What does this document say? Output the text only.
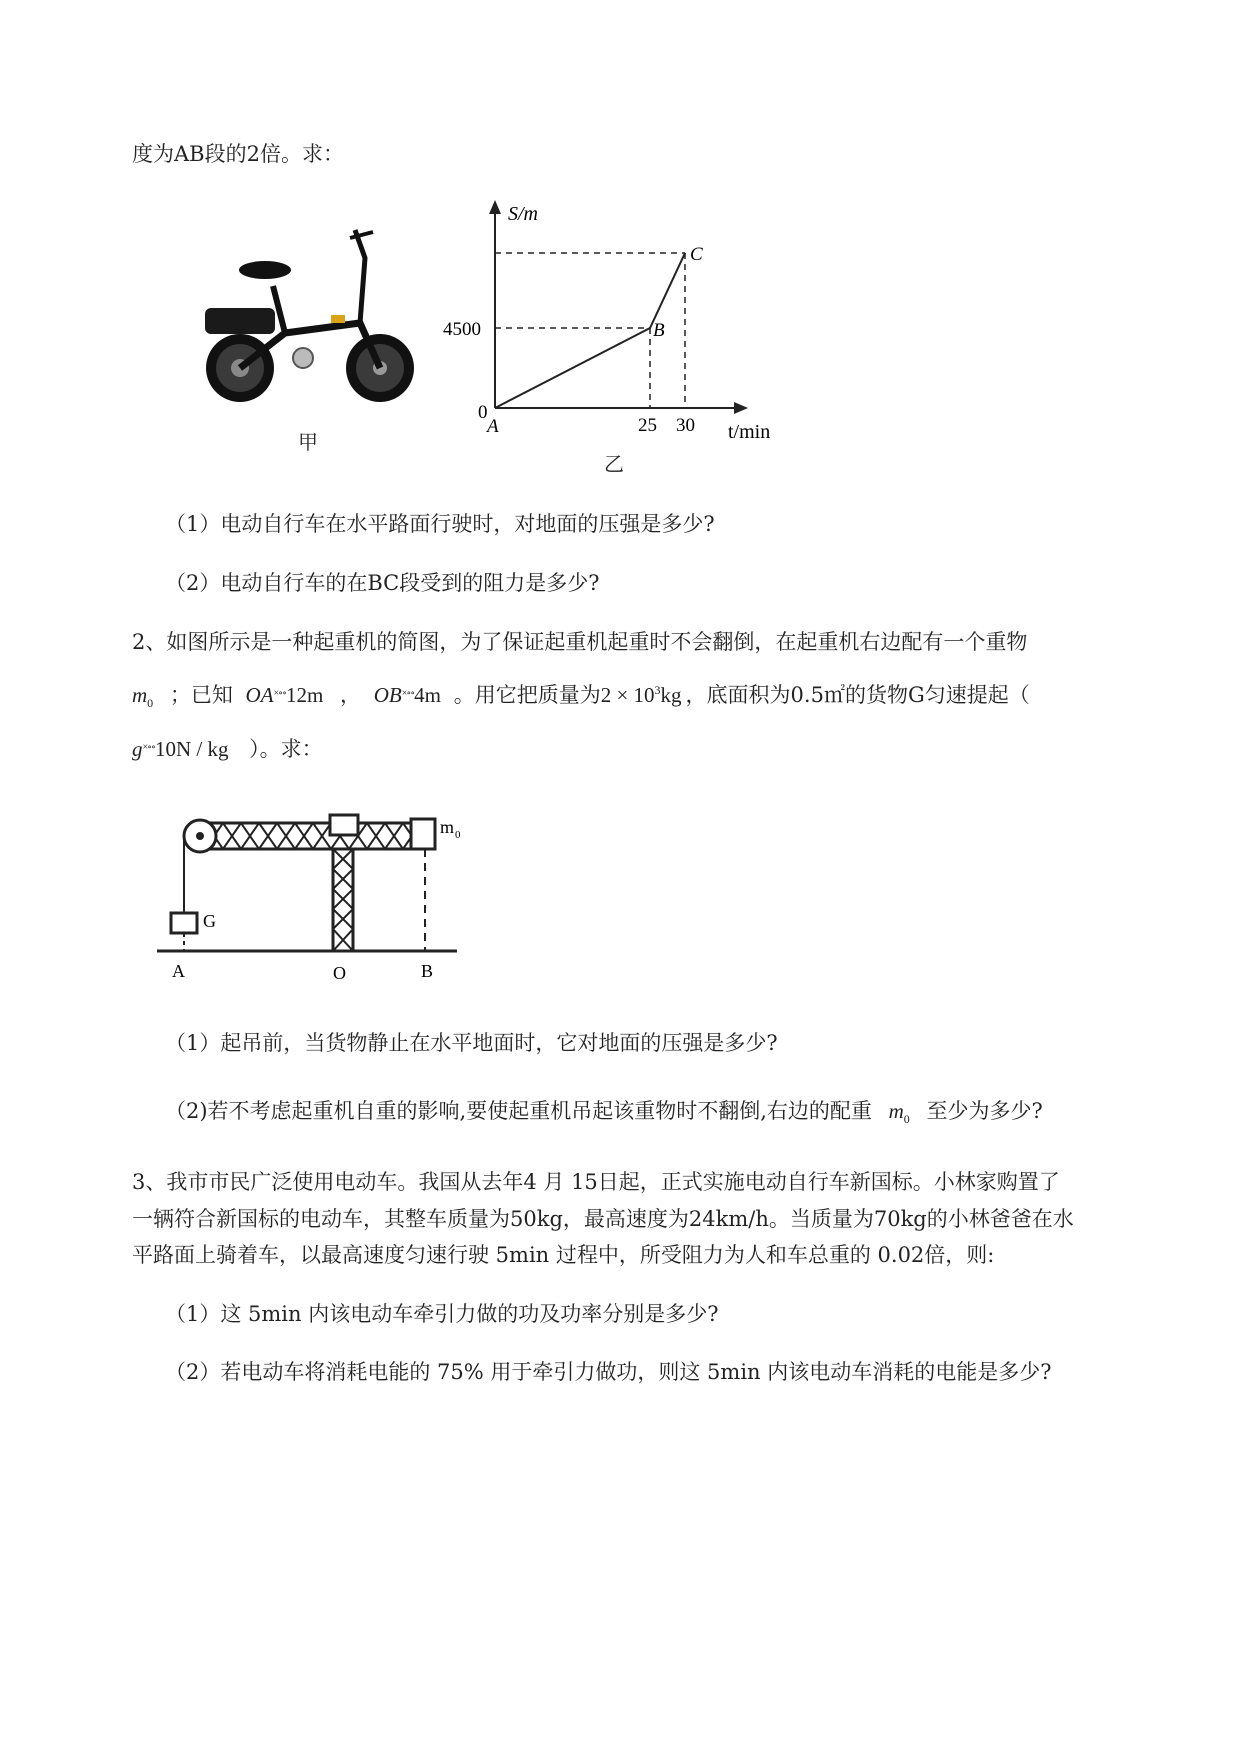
度为AB段的2倍。求：
甲
S/m
t/min
0
4500
25 30
A
B
C
乙
（1）电动自行车在水平路面行驶时，对地面的压强是多少?
（2）电动自行车的在BC段受到的阻力是多少?
2、如图所示是一种起重机的简图，为了保证起重机起重时不会翻倒，在起重机右边配有一个重物
$m_0$ ；已知 OA×∘∘12m ， OB×∘∘4m 。用它把质量为$2 \times 10^3kg$ ，底面积为0.5㎡的货物G匀速提起（
g×∘∘10N / kg ）。求：
m 0
G
A	O	B
（1）起吊前，当货物静止在水平地面时，它对地面的压强是多少?
（2)若不考虑起重机自重的影响,要使起重机吊起该重物时不翻倒,右边的配重 $m_0$ 至少为多少?
3、我市市民广泛使用电动车。我国从去年4 月 15日起，正式实施电动自行车新国标。小林家购置了
一辆符合新国标的电动车，其整车质量为50kg，最高速度为24km/h。当质量为70kg的小林爸爸在水
平路面上骑着车，以最高速度匀速行驶 5min 过程中，所受阻力为人和车总重的 0.02倍，则:
（1）这 5min 内该电动车牵引力做的功及功率分别是多少?
（2）若电动车将消耗电能的 75% 用于牵引力做功，则这 5min 内该电动车消耗的电能是多少?
